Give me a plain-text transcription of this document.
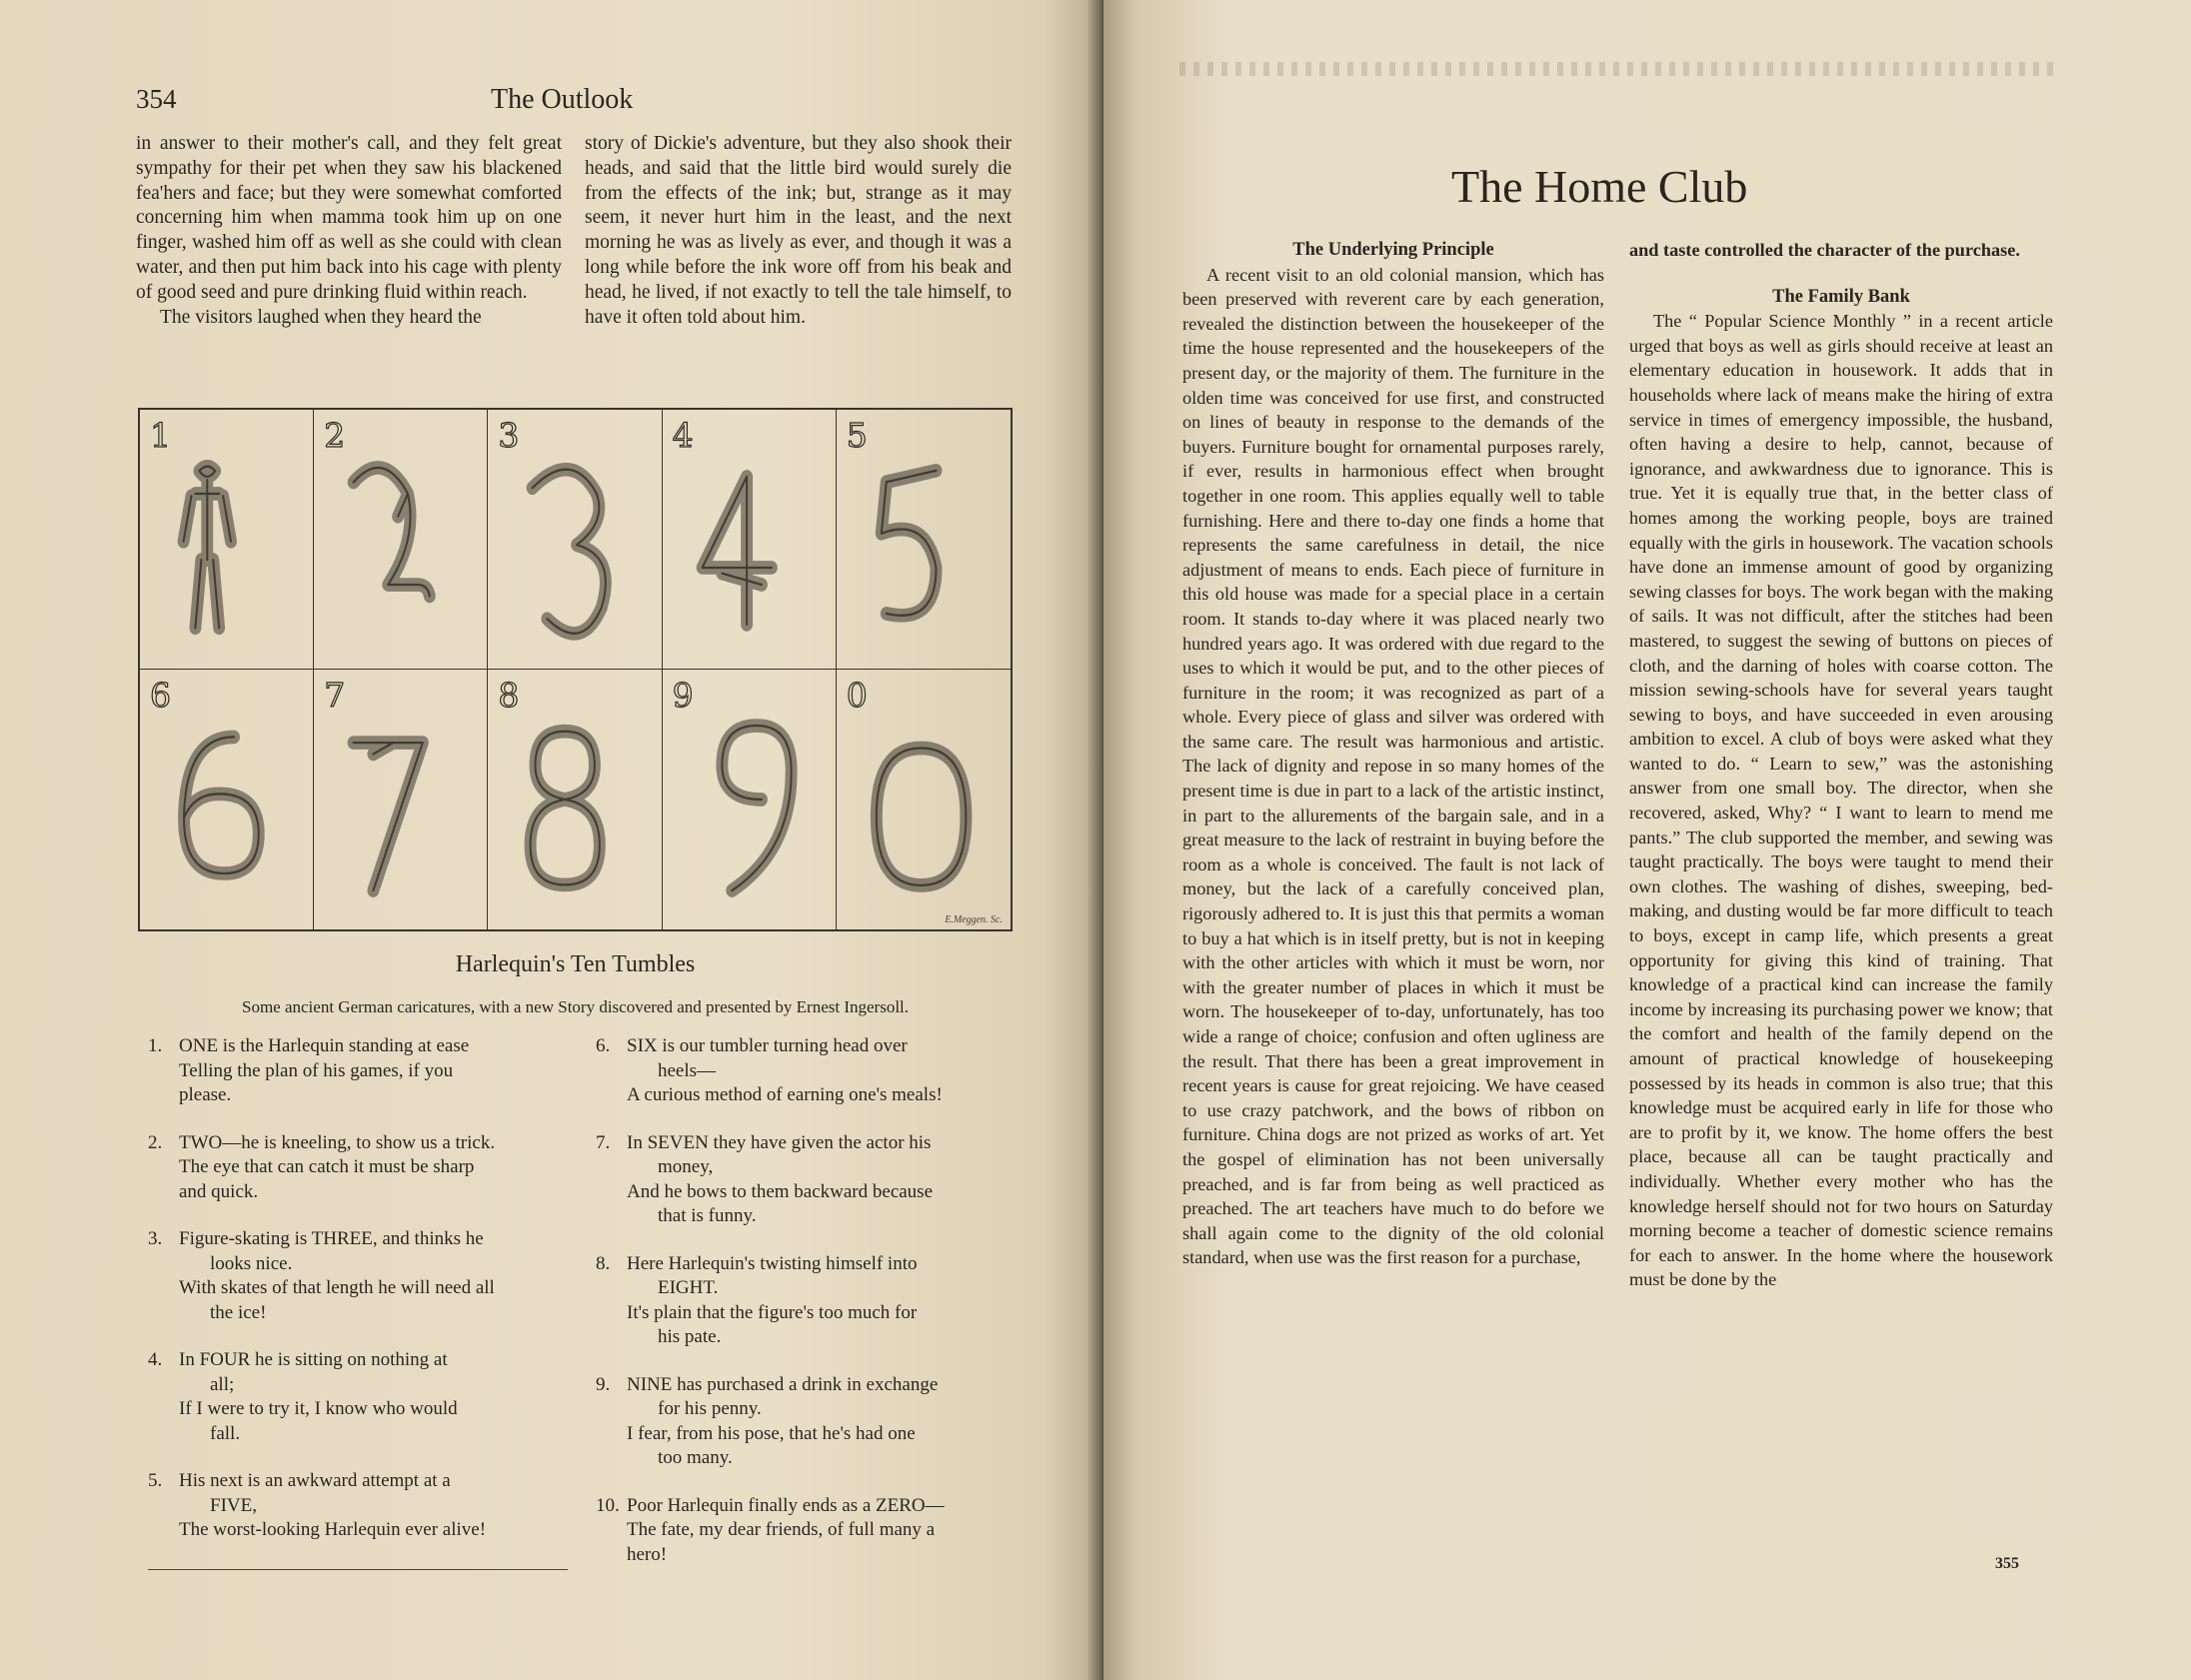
354	The Outlook

in answer to their mother's call, and they felt great sympathy for their pet when they saw his blackened fea'hers and face; but they were somewhat comforted concerning him when mamma took him up on one finger, washed him off as well as she could with clean water, and then put him back into his cage with plenty of good seed and pure drinking fluid within reach.

The visitors laughed when they heard the

story of Dickie's adventure, but they also shook their heads, and said that the little bird would surely die from the effects of the ink; but, strange as it may seem, it never hurt him in the least, and the next morning he was as lively as ever, and though it was a long while before the ink wore off from his beak and head, he lived, if not exactly to tell the tale himself, to have it often told about him.

1	2	3	4	5
6	7	8	9	0
E.Meggen. Sc.
Harlequin's Ten Tumbles
Some ancient German caricatures, with a new Story discovered and presented by Ernest Ingersoll.
1. ONE is the Harlequin standing at ease
Telling the plan of his games, if you
please.
2. TWO—he is kneeling, to show us a trick.
The eye that can catch it must be sharp
and quick.
3. Figure-skating is THREE, and thinks he
looks nice.
With skates of that length he will need all
the ice!
4. In FOUR he is sitting on nothing at
all;
If I were to try it, I know who would
fall.
5. His next is an awkward attempt at a
FIVE,
The worst-looking Harlequin ever alive!
6. SIX is our tumbler turning head over
heels—
A curious method of earning one's meals!
7. In SEVEN they have given the actor his
money,
And he bows to them backward because
that is funny.
8. Here Harlequin's twisting himself into
EIGHT.
It's plain that the figure's too much for
his pate.
9. NINE has purchased a drink in exchange
for his penny.
I fear, from his pose, that he's had one
too many.
10. Poor Harlequin finally ends as a ZERO—
The fate, my dear friends, of full many a
hero!
The Home Club

The Underlying Principle

A recent visit to an old colonial mansion, which has been preserved with reverent care by each generation, revealed the distinction between the housekeeper of the time the house represented and the housekeepers of the present day, or the majority of them. The furniture in the olden time was conceived for use first, and constructed on lines of beauty in response to the demands of the buyers. Furniture bought for ornamental purposes rarely, if ever, results in harmonious effect when brought together in one room. This applies equally well to table furnishing. Here and there to-day one finds a home that represents the same carefulness in detail, the nice adjustment of means to ends. Each piece of furniture in this old house was made for a special place in a certain room. It stands to-day where it was placed nearly two hundred years ago. It was ordered with due regard to the uses to which it would be put, and to the other pieces of furniture in the room; it was recognized as part of a whole. Every piece of glass and silver was ordered with the same care. The result was harmonious and artistic. The lack of dignity and repose in so many homes of the present time is due in part to a lack of the artistic instinct, in part to the allurements of the bargain sale, and in a great measure to the lack of restraint in buying before the room as a whole is conceived. The fault is not lack of money, but the lack of a carefully conceived plan, rigorously adhered to. It is just this that permits a woman to buy a hat which is in itself pretty, but is not in keeping with the other articles with which it must be worn, nor with the greater number of places in which it must be worn. The housekeeper of to-day, unfortunately, has too wide a range of choice; confusion and often ugliness are the result. That there has been a great improvement in recent years is cause for great rejoicing. We have ceased to use crazy patchwork, and the bows of ribbon on furniture. China dogs are not prized as works of art. Yet the gospel of elimination has not been universally preached, and is far from being as well practiced as preached. The art teachers have much to do before we shall again come to the dignity of the old colonial standard, when use was the first reason for a purchase,

and taste controlled the character of the purchase.

The Family Bank

The “ Popular Science Monthly ” in a recent article urged that boys as well as girls should receive at least an elementary education in housework. It adds that in households where lack of means make the hiring of extra service in times of emergency impossible, the husband, often having a desire to help, cannot, because of ignorance, and awkwardness due to ignorance. This is true. Yet it is equally true that, in the better class of homes among the working people, boys are trained equally with the girls in housework. The vacation schools have done an immense amount of good by organizing sewing classes for boys. The work began with the making of sails. It was not difficult, after the stitches had been mastered, to suggest the sewing of buttons on pieces of cloth, and the darning of holes with coarse cotton. The mission sewing-schools have for several years taught sewing to boys, and have succeeded in even arousing ambition to excel. A club of boys were asked what they wanted to do. “ Learn to sew,” was the astonishing answer from one small boy. The director, when she recovered, asked, Why? “ I want to learn to mend me pants.” The club supported the member, and sewing was taught practically. The boys were taught to mend their own clothes. The washing of dishes, sweeping, bed-making, and dusting would be far more difficult to teach to boys, except in camp life, which presents a great opportunity for giving this kind of training. That knowledge of a practical kind can increase the family income by increasing its purchasing power we know; that the comfort and health of the family depend on the amount of practical knowledge of housekeeping possessed by its heads in common is also true; that this knowledge must be acquired early in life for those who are to profit by it, we know. The home offers the best place, because all can be taught practically and individually. Whether every mother who has the knowledge herself should not for two hours on Saturday morning become a teacher of domestic science remains for each to answer. In the home where the housework must be done by the

355
